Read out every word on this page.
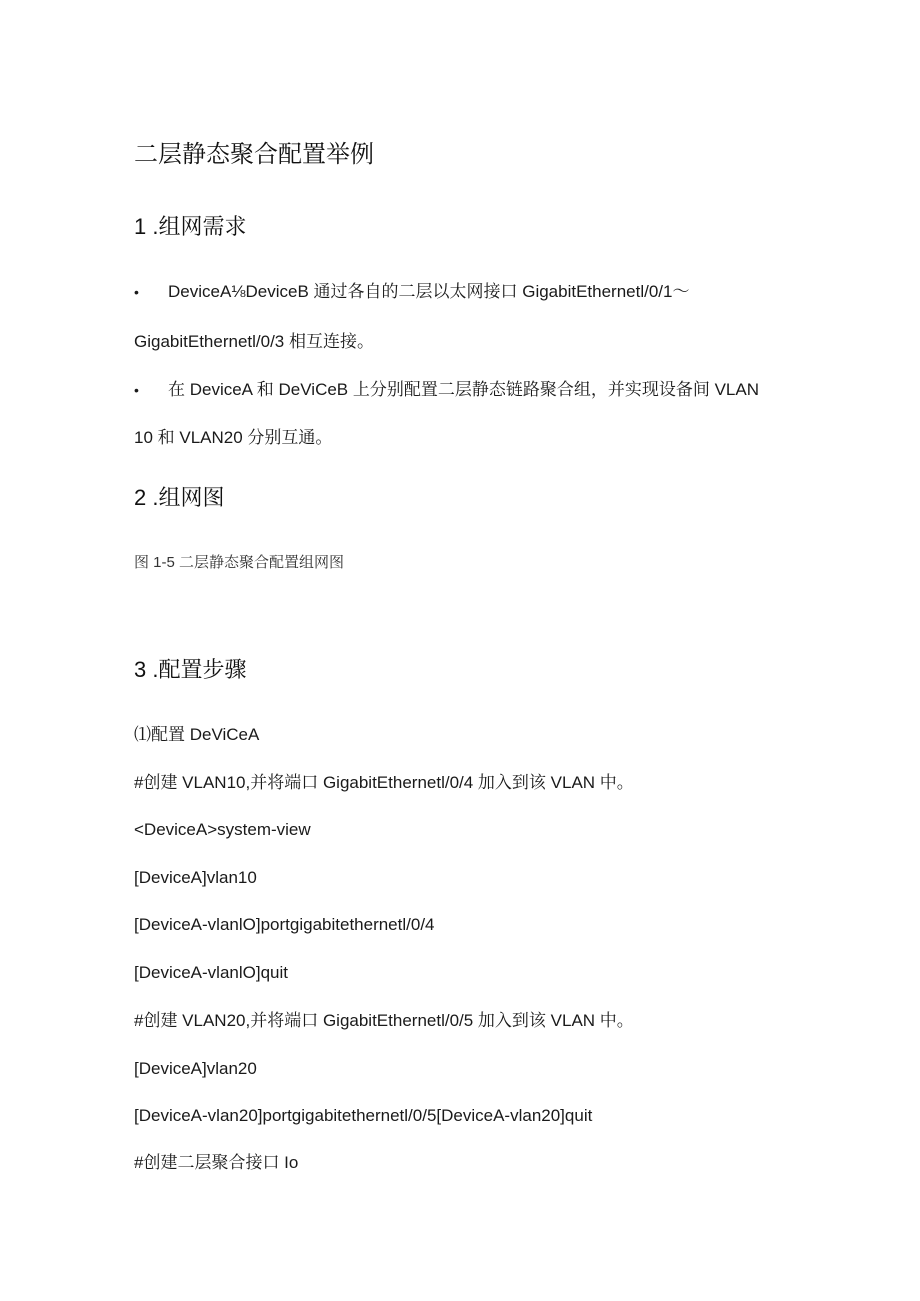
二层静态聚合配置举例
1 .组网需求
• DeviceA⅛DeviceB 通过各自的二层以太网接口 GigabitEthernetl/0/1～
GigabitEthernetl/0/3 相互连接。
• 在 DeviceA 和 DeViCeB 上分别配置二层静态链路聚合组，并实现设备间 VLAN
10 和 VLAN20 分别互通。
2 .组网图
图 1-5 二层静态聚合配置组网图
3 .配置步骤
⑴配置 DeViCeA
#创建 VLAN10,并将端口 GigabitEthernetl/0/4 加入到该 VLAN 中。
<DeviceA>system-view
[DeviceA]vlan10
[DeviceA-vlanlO]portgigabitethernetl/0/4
[DeviceA-vlanlO]quit
#创建 VLAN20,并将端口 GigabitEthernetl/0/5 加入到该 VLAN 中。
[DeviceA]vlan20
[DeviceA-vlan20]portgigabitethernetl/0/5[DeviceA-vlan20]quit
#创建二层聚合接口 Io
